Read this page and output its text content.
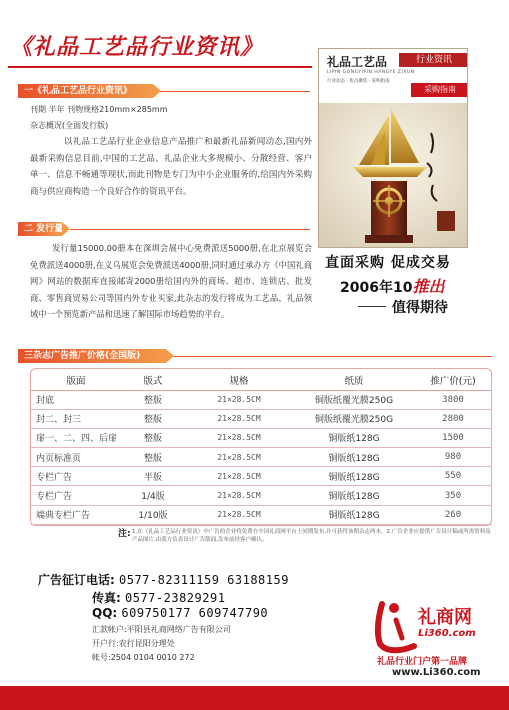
《礼品工艺品行业资讯》
一《礼品工艺品行业资讯》
刊期 半年 刊物规格210mm×285mm
杂志概况(全面发行版)
以礼品工艺品行业企业信息产品推广和最新礼品新闻动态,国内外最新采购信息目前,中国的工艺品、礼品企业大多规模小、分散经营、客户单一、信息不畅通等现状,而此刊物是专门为中小企业服务的,给国内外采购商与供应商构造一个良好合作的资讯平台。
二 发行量
发行量15000.00册本在深圳会展中心免费派送5000册,在北京展览会免费派送4000册,在义乌展览会免费派送4000册,同时通过承办方《中国礼商网》网站的数据库直接邮寄2000册给国内外的商场、超市、连锁店、批发商、零售商贸易公司等国内外专业买家,此杂志的发行将成为工艺品、礼品领域中一个预览新产品和迅速了解国际市场趋势的平台。
礼品工艺品	行业资讯
LIPIN GONGYIPIN HANGYE ZIXUN
行业动态 · 焦点聚焦 · 采购指南
采购指南
直面采购 促成交易
2006年10推出
值得期待
三杂志广告推广价格(全国版)
版面	版式	规格	纸质	推广价(元)
封底	整版	21×28.5CM	铜版纸覆光膜250G	3800
封二、封三	整版	21×28.5CM	铜版纸覆光膜250G	2800
扉一、二、四、后扉	整版	21×28.5CM	铜版纸128G	1500
内页标准页	整版	21×28.5CM	铜版纸128G	980
专栏广告	半版	21×28.5CM	铜版纸128G	550
专栏广告	1/4版	21×28.5CM	铜版纸128G	350
端典专栏广告	1/10版	21×28.5CM	铜版纸128G	260
注: 1.在《礼品工艺品行业资讯》中广告的企业将免费在中国礼商网平台上同期发布,并可获得该期杂志两本。2.广告企业应提供广告设计稿或所需资料及产品图片,由我方负责设计广告版面,发布前经客户确认。
广告征订电话: 0577-82311159 63188159
传真: 0577-23829291
QQ: 609750177 609747790
汇款帐户:平阳县礼商网络广告有限公司
开户行:农行昆阳分理处
帐号:2504 0104 0010 272
礼商网
Li360.com
礼品行业门户第一品牌
www.Li360.com
